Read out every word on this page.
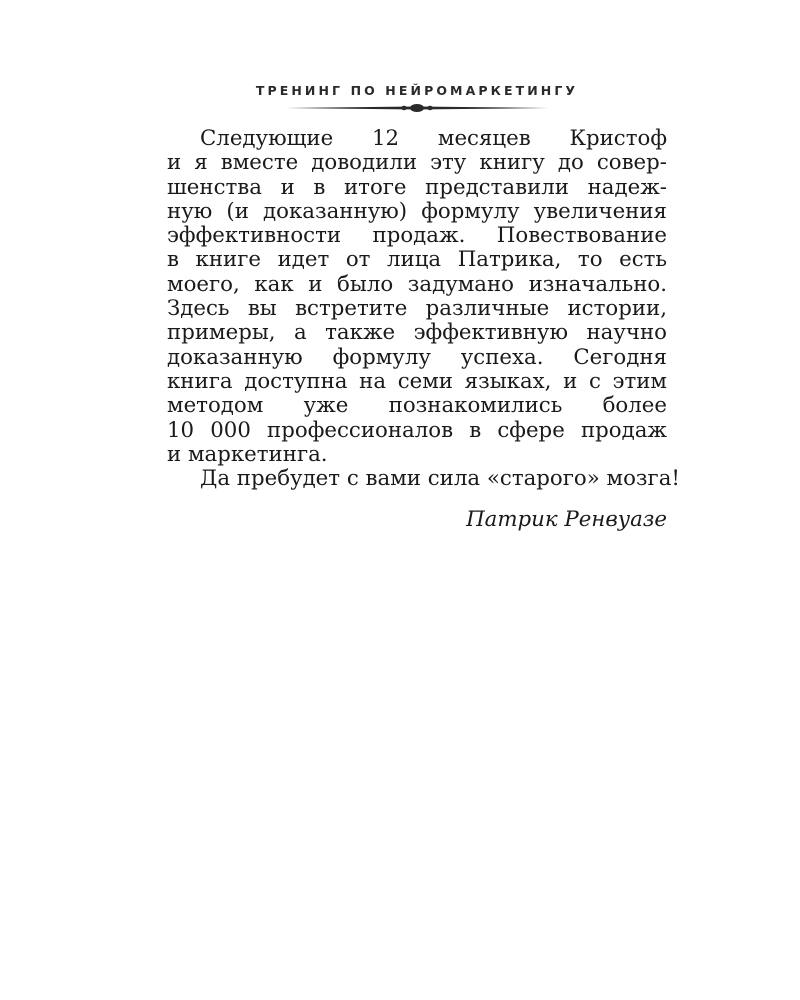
ТРЕНИНГ ПО НЕЙРОМАРКЕТИНГУ
Следующие 12 месяцев Кристоф
и я вместе доводили эту книгу до совер-
шенства и в итоге представили надеж-
ную (и доказанную) формулу увеличения
эффективности продаж. Повествование
в книге идет от лица Патрика, то есть
моего, как и было задумано изначально.
Здесь вы встретите различные истории,
примеры, а также эффективную научно
доказанную формулу успеха. Сегодня
книга доступна на семи языках, и с этим
методом уже познакомились более
10 000 профессионалов в сфере продаж
и маркетинга.
Да пребудет с вами сила «старого» мозга!
Патрик Ренвуазе
